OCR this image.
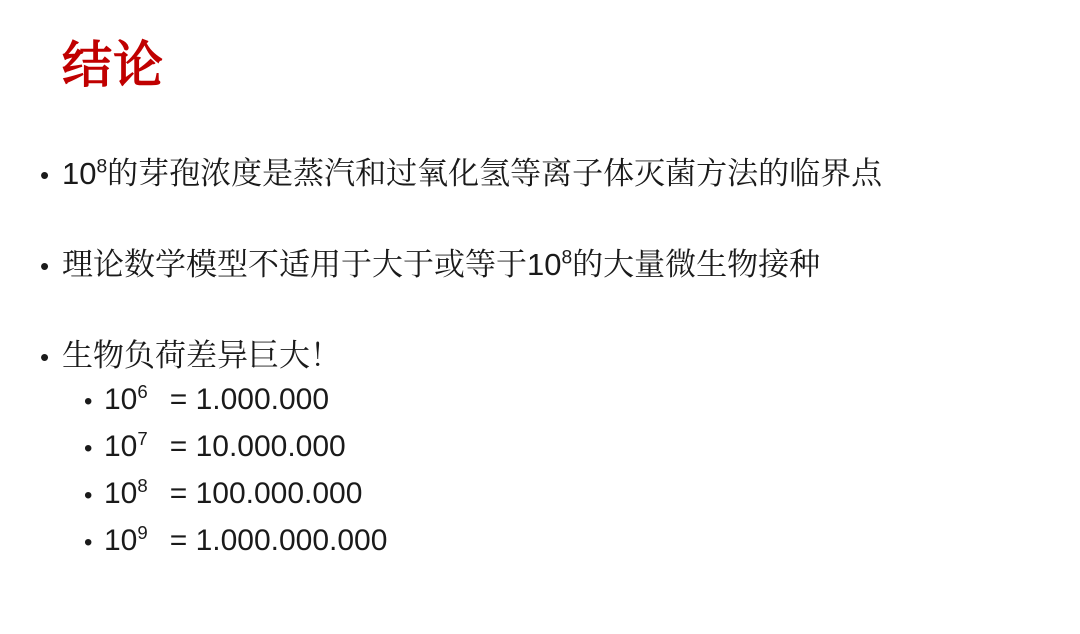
结论
• $10^8$的芽孢浓度是蒸汽和过氧化氢等离子体灭菌方法的临界点
• 理论数学模型不适用于大于或等于$10^8$的大量微生物接种
• 生物负荷差异巨大！
• $10^6 = 1.000.000$
• $10^7 = 10.000.000$
• $10^8 = 100.000.000$
• $10^9 = 1.000.000.000$
